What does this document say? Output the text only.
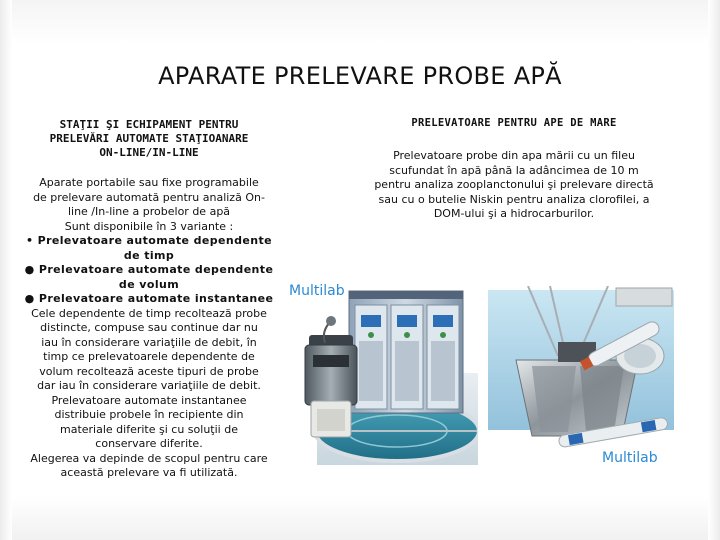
APARATE PRELEVARE PROBE APĂ
STAŢII ŞI ECHIPAMENT PENTRU
PRELEVĂRI AUTOMATE STAŢIOANARE
ON-LINE/IN-LINE
Aparate portabile sau fixe programabile
de prelevare automată pentru analiză On-
line /In-line a probelor de apă
Sunt disponibile în 3 variante :
• Prelevatoare automate dependente
de timp
● Prelevatoare automate dependente
de volum
● Prelevatoare automate instantanee
Cele dependente de timp recoltează probe
distincte, compuse sau continue dar nu
iau în considerare variaţiile de debit, în
timp ce prelevatoarele dependente de
volum recoltează aceste tipuri de probe
dar iau în considerare variaţiile de debit.
Prelevatoare automate instantanee
distribuie probele în recipiente din
materiale diferite şi cu soluţii de
conservare diferite.
Alegerea va depinde de scopul pentru care
această prelevare va fi utilizată.
PRELEVATOARE PENTRU APE DE MARE
Prelevatoare probe din apa mării cu un fileu
scufundat în apă până la adâncimea de 10 m
pentru analiza zooplanctonului şi prelevare directă
sau cu o butelie Niskin pentru analiza clorofilei, a
DOM-ului şi a hidrocarburilor.
Multilab
Multilab
